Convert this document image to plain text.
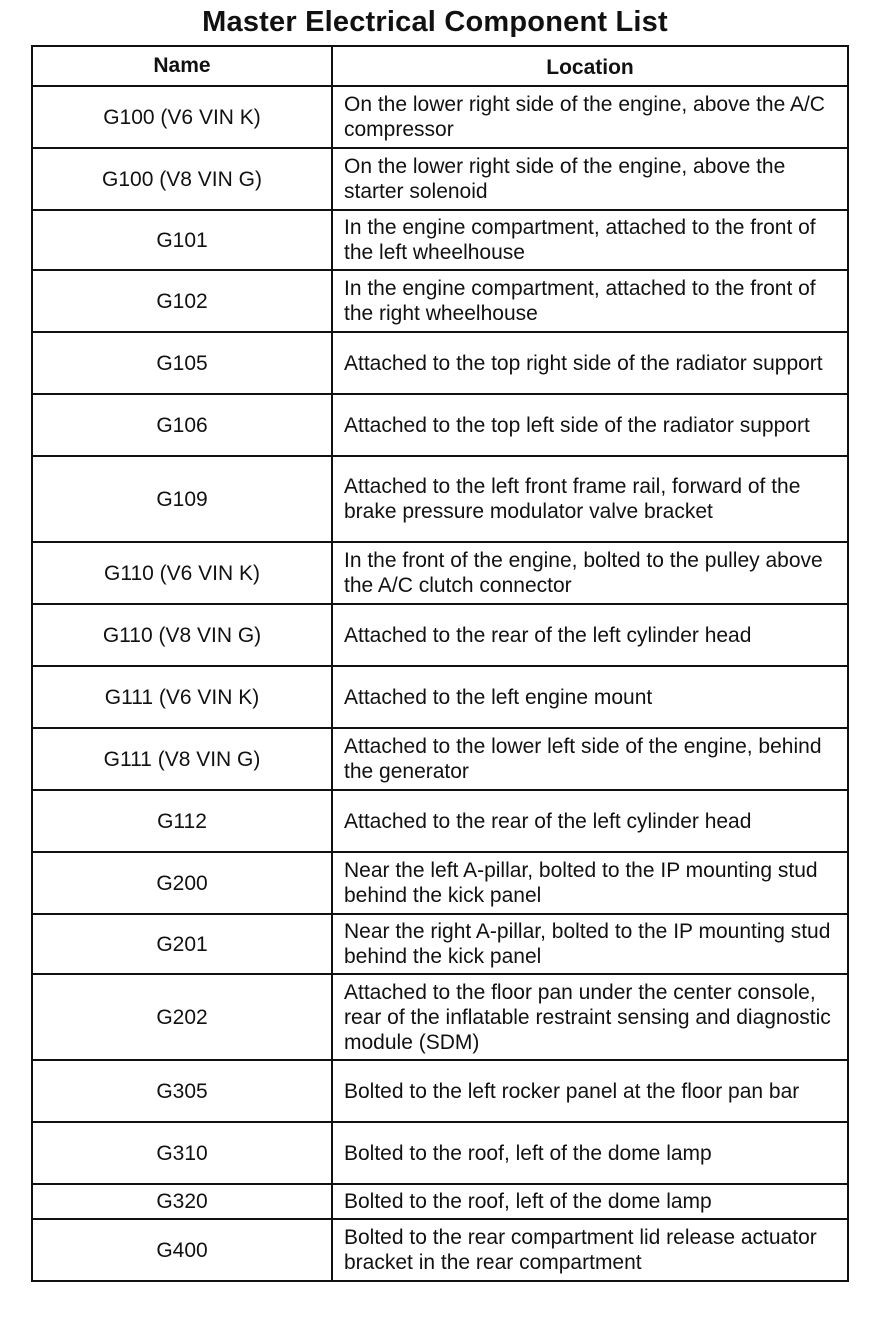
Master Electrical Component List
Name	Location
G100 (V6 VIN K)	On the lower right side of the engine, above the A/C compressor
G100 (V8 VIN G)	On the lower right side of the engine, above the starter solenoid
G101	In the engine compartment, attached to the front of the left wheelhouse
G102	In the engine compartment, attached to the front of the right wheelhouse
G105	Attached to the top right side of the radiator support
G106	Attached to the top left side of the radiator support
G109	Attached to the left front frame rail, forward of the brake pressure modulator valve bracket
G110 (V6 VIN K)	In the front of the engine, bolted to the pulley above the A/C clutch connector
G110 (V8 VIN G)	Attached to the rear of the left cylinder head
G111 (V6 VIN K)	Attached to the left engine mount
G111 (V8 VIN G)	Attached to the lower left side of the engine, behind the generator
G112	Attached to the rear of the left cylinder head
G200	Near the left A-pillar, bolted to the IP mounting stud behind the kick panel
G201	Near the right A-pillar, bolted to the IP mounting stud behind the kick panel
G202	Attached to the floor pan under the center console, rear of the inflatable restraint sensing and diagnostic module (SDM)
G305	Bolted to the left rocker panel at the floor pan bar
G310	Bolted to the roof, left of the dome lamp
G320	Bolted to the roof, left of the dome lamp
G400	Bolted to the rear compartment lid release actuator bracket in the rear compartment
